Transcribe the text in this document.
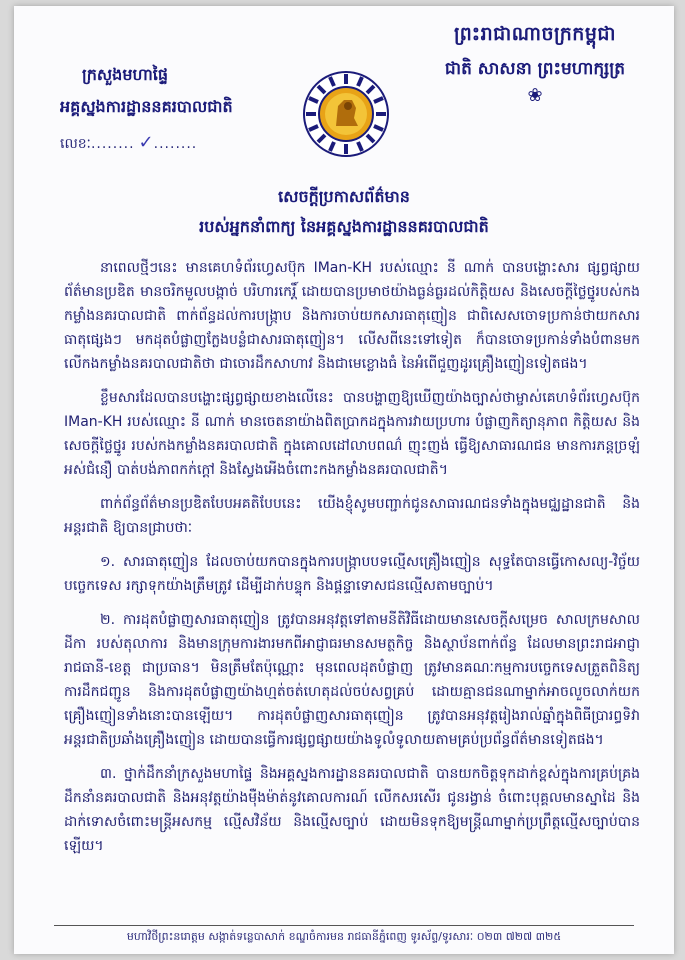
ព្រះរាជាណាចក្រកម្ពុជា
ជាតិ សាសនា ព្រះមហាក្សត្រ
❀
ក្រសួងមហាផ្ទៃ
អគ្គស្នងការដ្ឋាននគរបាលជាតិ
លេខៈ........ ✓........
សេចក្តីប្រកាសព័ត៌មាន
របស់អ្នកនាំពាក្យ នៃអគ្គស្នងការដ្ឋាននគរបាលជាតិ

នាពេលថ្មីៗនេះ មានគេហទំព័រហ្វេសប៊ុក IMan-KH របស់ឈ្មោះ នី ណាក់ បានបង្ហោះសារ ផ្សព្វផ្សាយព័ត៌មានប្រឌិត មានចរិកមួលបង្កាច់ បរិហារកេរ្តិ៍ ដោយបានប្រមាថយ៉ាងធ្ងន់ធ្ងរដល់កិត្តិយស និងសេចក្តីថ្លៃថ្នូរបស់កងកម្លាំងនគរបាលជាតិ ពាក់ព័ន្ធដល់ការបង្ក្រាប និងការចាប់យកសារធាតុញៀន ជាពិសេសចោទប្រកាន់ថាយកសារធាតុផ្សេងៗ មកដុតបំផ្លាញក្លែងបន្លំជាសារធាតុញៀន។ លើសពីនេះទៅទៀត ក៏បានចោទប្រកាន់ទាំងបំពានមកលើកងកម្លាំងនគរបាលជាតិថា ជាចោរដឹកសាហាវ និងជាមេខ្លោងធំ នៃអំពើជួញដូរគ្រឿងញៀនទៀតផង។

ខ្លឹមសារដែលបានបង្ហោះផ្សព្វផ្សាយខាងលើនេះ បានបង្ហាញឱ្យឃើញយ៉ាងច្បាស់ថាម្ចាស់គេហទំព័រហ្វេសប៊ុក IMan-KH របស់ឈ្មោះ នី ណាក់ មានចេតនាយ៉ាងពិតប្រាកដក្នុងការវាយប្រហារ បំផ្លាញកិត្យានុភាព កិត្តិយស និងសេចក្តីថ្លៃថ្នូរ របស់កងកម្លាំងនគរបាលជាតិ ក្នុងគោលដៅលាបពណ៌ ញុះញង់ ធ្វើឱ្យសាធារណជន មានការភន្តច្រឡំ អស់ជំនឿ បាត់បង់ភាពកក់ក្តៅ និងស្វែងអើងចំពោះកងកម្លាំងនគរបាលជាតិ។

ពាក់ព័ន្ធព័ត៌មានប្រឌិតបែបអគតិបែបនេះ យើងខ្ញុំសូមបញ្ជាក់ជូនសាធារណជនទាំងក្នុងមជ្ឈដ្ឋានជាតិ និងអន្តរជាតិ ឱ្យបានជ្រាបថាៈ

១. សារធាតុញៀន ដែលចាប់យកបានក្នុងការបង្ក្រាបបទល្មើសគ្រឿងញៀន សុទ្ធតែបានធ្វើកោសល្យ-វិច្ច័យបច្ចេកទេស រក្សាទុកយ៉ាងត្រឹមត្រូវ ដើម្បីដាក់បន្ទុក និងផ្តន្ទាទោសជនល្មើសតាមច្បាប់។

២. ការដុតបំផ្លាញសារធាតុញៀន ត្រូវបានអនុវត្តទៅតាមនីតិវិធីដោយមានសេចក្តីសម្រេច សាលក្រមសាលដីកា របស់តុលាការ និងមានក្រុមការងារមកពីអាជ្ញាធរមានសមត្ថកិច្ច និងស្ថាប័នពាក់ព័ន្ធ ដែលមានព្រះរាជអាជ្ញារាជធានី-ខេត្ត ជាប្រធាន។ មិនត្រឹមតែប៉ុណ្ណោះ មុនពេលដុតបំផ្លាញ ត្រូវមានគណៈកម្មការបច្ចេកទេសត្រួតពិនិត្យការដឹកជញ្ជូន និងការដុតបំផ្លាញយ៉ាងហ្មត់ចត់ហេតុដល់ចប់សព្វគ្រប់ ដោយគ្មានជនណាម្នាក់អាចលួចលាក់យកគ្រឿងញៀនទាំងនោះបានឡើយ។ ការដុតបំផ្លាញសារធាតុញៀន ត្រូវបានអនុវត្តរៀងរាល់ឆ្នាំក្នុងពិធីប្រារព្ធទិវាអន្តរជាតិប្រឆាំងគ្រឿងញៀន ដោយបានធ្វើការផ្សព្វផ្សាយយ៉ាងទូលំទូលាយតាមគ្រប់ប្រព័ន្ធព័ត៌មានទៀតផង។

៣. ថ្នាក់ដឹកនាំក្រសួងមហាផ្ទៃ និងអគ្គស្នងការដ្ឋាននគរបាលជាតិ បានយកចិត្តទុកដាក់ខ្ពស់ក្នុងការគ្រប់គ្រង ដឹកនាំនគរបាលជាតិ និងអនុវត្តយ៉ាងម៉ឺងម៉ាត់នូវគោលការណ៍ លើកសរសើរ ជូនរង្វាន់ ចំពោះបុគ្គលមានស្នាដៃ និងដាក់ទោសចំពោះមន្ត្រីអសកម្ម ល្មើសវិន័យ និងល្មើសច្បាប់ ដោយមិនទុកឱ្យមន្ត្រីណាម្នាក់ប្រព្រឹត្តល្មើសច្បាប់បានឡើយ។

មហាវិថីព្រះនរោត្តម សង្កាត់ទន្លេបាសាក់ ខណ្ឌចំការមន រាជធានីភ្នំពេញ ទូរស័ព្ទ/ទូរសារៈ ០២៣ ៧២៧ ៣២៥
